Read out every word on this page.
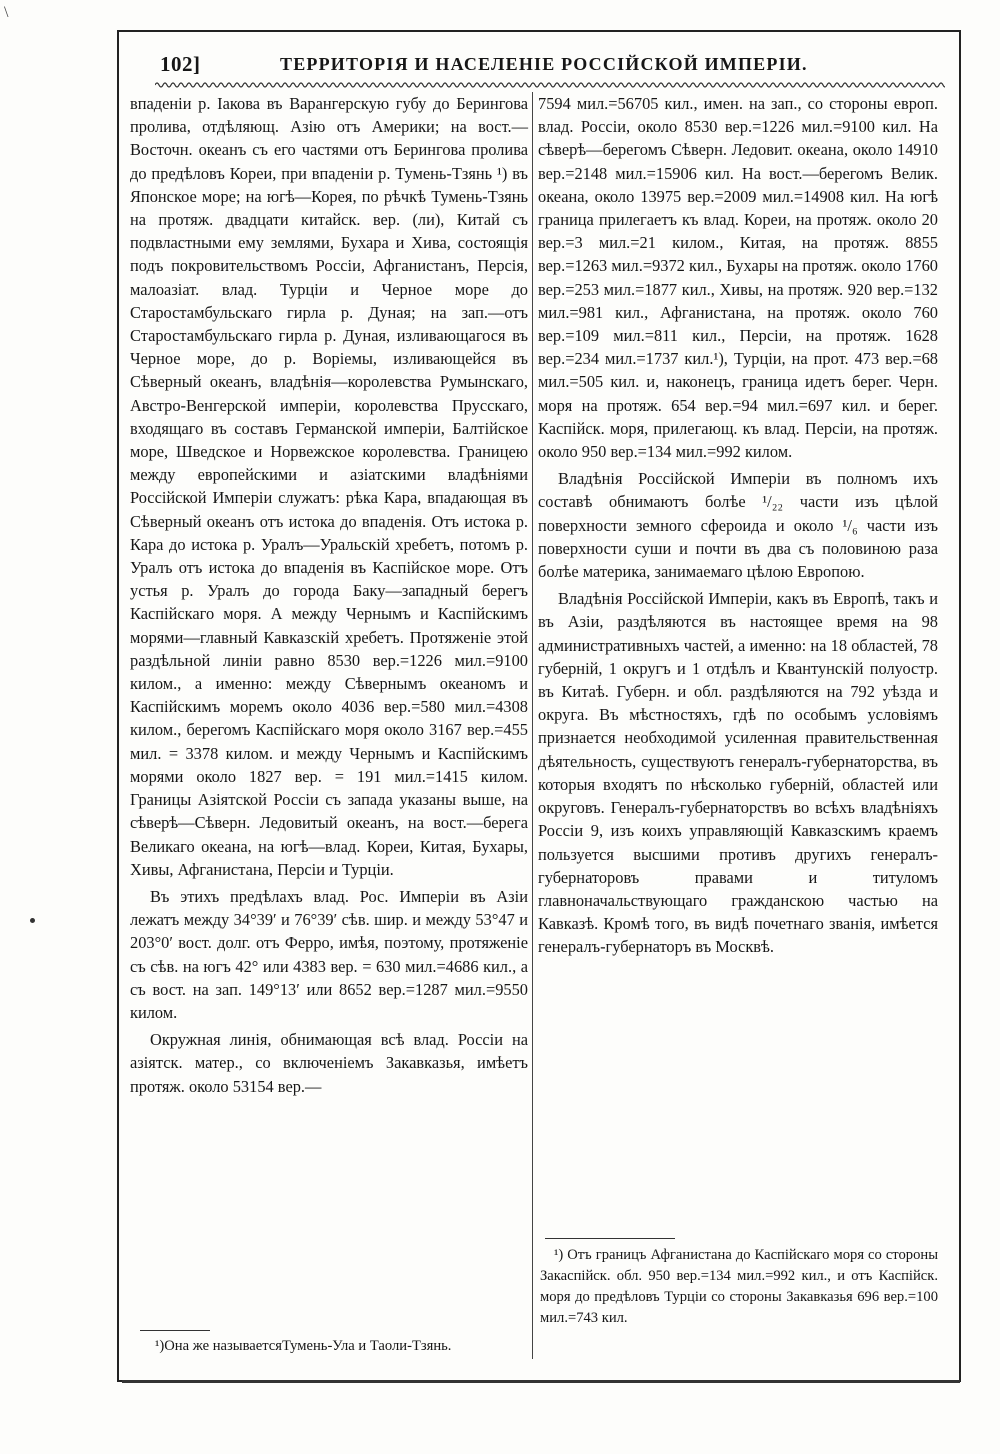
\
102]	ТЕРРИТОРІЯ И НАСЕЛЕНІЕ РОССІЙСКОЙ ИМПЕРІИ.

впаденіи р. Іакова въ Варангерскую губу до Берингова пролива, отдѣляющ. Азію отъ Америки; на вост.—Восточн. океанъ съ его частями отъ Берингова пролива до предѣловъ Кореи, при впаденіи р. Тумень-Тзянь ¹) въ Японское море; на югѣ—Корея, по рѣчкѣ Тумень-Тзянь на протяж. двадцати китайск. вер. (ли), Китай съ подвластными ему землями, Бухара и Хива, состоящія подъ покровительствомъ Россіи, Афганистанъ, Персія, малоазіат. влад. Турціи и Черное море до Старостамбульскаго гирла р. Дуная; на зап.—отъ Старостамбульскаго гирла р. Дуная, изливающагося въ Черное море, до р. Воріемы, изливающейся въ Сѣверный океанъ, владѣнія—королевства Румынскаго, Австро-Венгерской имперіи, королевства Прусскаго, входящаго въ составъ Германской имперіи, Балтійское море, Шведское и Норвежское королевства. Границею между европейскими и азіатскими владѣніями Россійской Имперіи служатъ: рѣка Кара, впадающая въ Сѣверный океанъ отъ истока до впаденія. Отъ истока р. Кара до истока р. Уралъ—Уральскій хребетъ, потомъ р. Уралъ отъ истока до впаденія въ Каспійское море. Отъ устья р. Уралъ до города Баку—западный берегъ Каспійскаго моря. А между Чернымъ и Каспійскимъ морями—главный Кавказскій хребетъ. Протяженіе этой раздѣльной линіи равно 8530 вер.=1226 мил.=9100 килом., а именно: между Сѣвернымъ океаномъ и Каспійскимъ моремъ около 4036 вер.=580 мил.=4308 килом., берегомъ Каспійскаго моря около 3167 вер.=455 мил. = 3378 килом. и между Чернымъ и Каспійскимъ морями около 1827 вер. = 191 мил.=1415 килом. Границы Азіятской Россіи съ запада указаны выше, на сѣверѣ—Сѣверн. Ледовитый океанъ, на вост.—берега Великаго океана, на югѣ—влад. Кореи, Китая, Бухары, Хивы, Афганистана, Персіи и Турціи.

Въ этихъ предѣлахъ влад. Рос. Имперіи въ Азіи лежатъ между 34°39′ и 76°39′ сѣв. шир. и между 53°47 и 203°0′ вост. долг. отъ Ферро, имѣя, поэтому, протяженіе съ сѣв. на югъ 42° или 4383 вер. = 630 мил.=4686 кил., а съ вост. на зап. 149°13′ или 8652 вер.=1287 мил.=9550 килом.

Окружная линія, обнимающая всѣ влад. Россіи на азіятск. матер., со включеніемъ Закавказья, имѣетъ протяж. около 53154 вер.—

7594 мил.=56705 кил., имен. на зап., со стороны европ. влад. Россіи, около 8530 вер.=1226 мил.=9100 кил. На сѣверѣ—берегомъ Сѣверн. Ледовит. океана, около 14910 вер.=2148 мил.=15906 кил. На вост.—берегомъ Велик. океана, около 13975 вер.=2009 мил.=14908 кил. На югѣ граница прилегаетъ къ влад. Кореи, на протяж. около 20 вер.=3 мил.=21 килом., Китая, на протяж. 8855 вер.=1263 мил.=9372 кил., Бухары на протяж. около 1760 вер.=253 мил.=1877 кил., Хивы, на протяж. 920 вер.=132 мил.=981 кил., Афганистана, на протяж. около 760 вер.=109 мил.=811 кил., Персіи, на протяж. 1628 вер.=234 мил.=1737 кил.¹), Турціи, на прот. 473 вер.=68 мил.=505 кил. и, наконецъ, граница идетъ берег. Черн. моря на протяж. 654 вер.=94 мил.=697 кил. и берег. Каспійск. моря, прилегающ. къ влад. Персіи, на протяж. около 950 вер.=134 мил.=992 килом.

Владѣнія Россійской Имперіи въ полномъ ихъ составѣ обнимаютъ болѣе ¹/₂₂ части изъ цѣлой поверхности земного сфероида и около ¹/₆ части изъ поверхности суши и почти въ два съ половиною раза болѣе материка, занимаемаго цѣлою Европою.

Владѣнія Россійской Имперіи, какъ въ Европѣ, такъ и въ Азіи, раздѣляются въ настоящее время на 98 административныхъ частей, а именно: на 18 областей, 78 губерній, 1 округъ и 1 отдѣлъ и Квантунскій полуостр. въ Китаѣ. Губерн. и обл. раздѣляются на 792 уѣзда и округа. Въ мѣстностяхъ, гдѣ по особымъ условіямъ признается необходимой усиленная правительственная дѣятельность, существуютъ генералъ-губернаторства, въ которыя входятъ по нѣсколько губерній, областей или округовъ. Генералъ-губернаторствъ во всѣхъ владѣніяхъ Россіи 9, изъ коихъ управляющій Кавказскимъ краемъ пользуется высшими противъ другихъ генералъ-губернаторовъ правами и титуломъ главноначальствующаго гражданскою частью на Кавказѣ. Кромѣ того, въ видѣ почетнаго званія, имѣется генералъ-губернаторъ въ Москвѣ.

¹)Она же называетсяТумень-Ула и Таоли-Тзянь.
¹) Отъ границъ Афганистана до Каспійскаго моря со стороны Закаспійск. обл. 950 вер.=134 мил.=992 кил., и отъ Каспійск. моря до предѣловъ Турціи со стороны Закавказья 696 вер.=100 мил.=743 кил.
